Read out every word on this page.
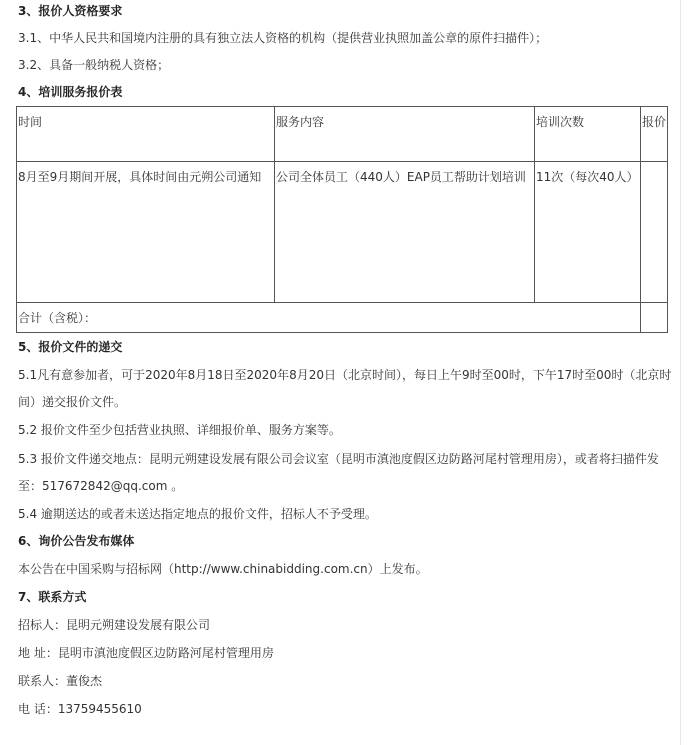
3、报价人资格要求
3.1、中华人民共和国境内注册的具有独立法人资格的机构（提供营业执照加盖公章的原件扫描件）；
3.2、具备一般纳税人资格；
4、培训服务报价表
时间	服务内容	培训次数	报价
8月至9月期间开展，具体时间由元朔公司通知	公司全体员工（440人）EAP员工帮助计划培训	11次（每次40人）	
合计（含税）：			
5、报价文件的递交
5.1凡有意参加者，可于2020年8月18日至2020年8月20日（北京时间），每日上午9时至00时，下午17时至00时（北京时间）递交报价文件。
5.2 报价文件至少包括营业执照、详细报价单、服务方案等。
5.3 报价文件递交地点：昆明元朔建设发展有限公司会议室（昆明市滇池度假区边防路河尾村管理用房），或者将扫描件发至：517672842@qq.com 。
5.4 逾期送达的或者未送达指定地点的报价文件，招标人不予受理。
6、询价公告发布媒体
本公告在中国采购与招标网（http://www.chinabidding.com.cn）上发布。
7、联系方式
招标人：昆明元朔建设发展有限公司
地 址：昆明市滇池度假区边防路河尾村管理用房
联系人：董俊杰
电 话：13759455610
